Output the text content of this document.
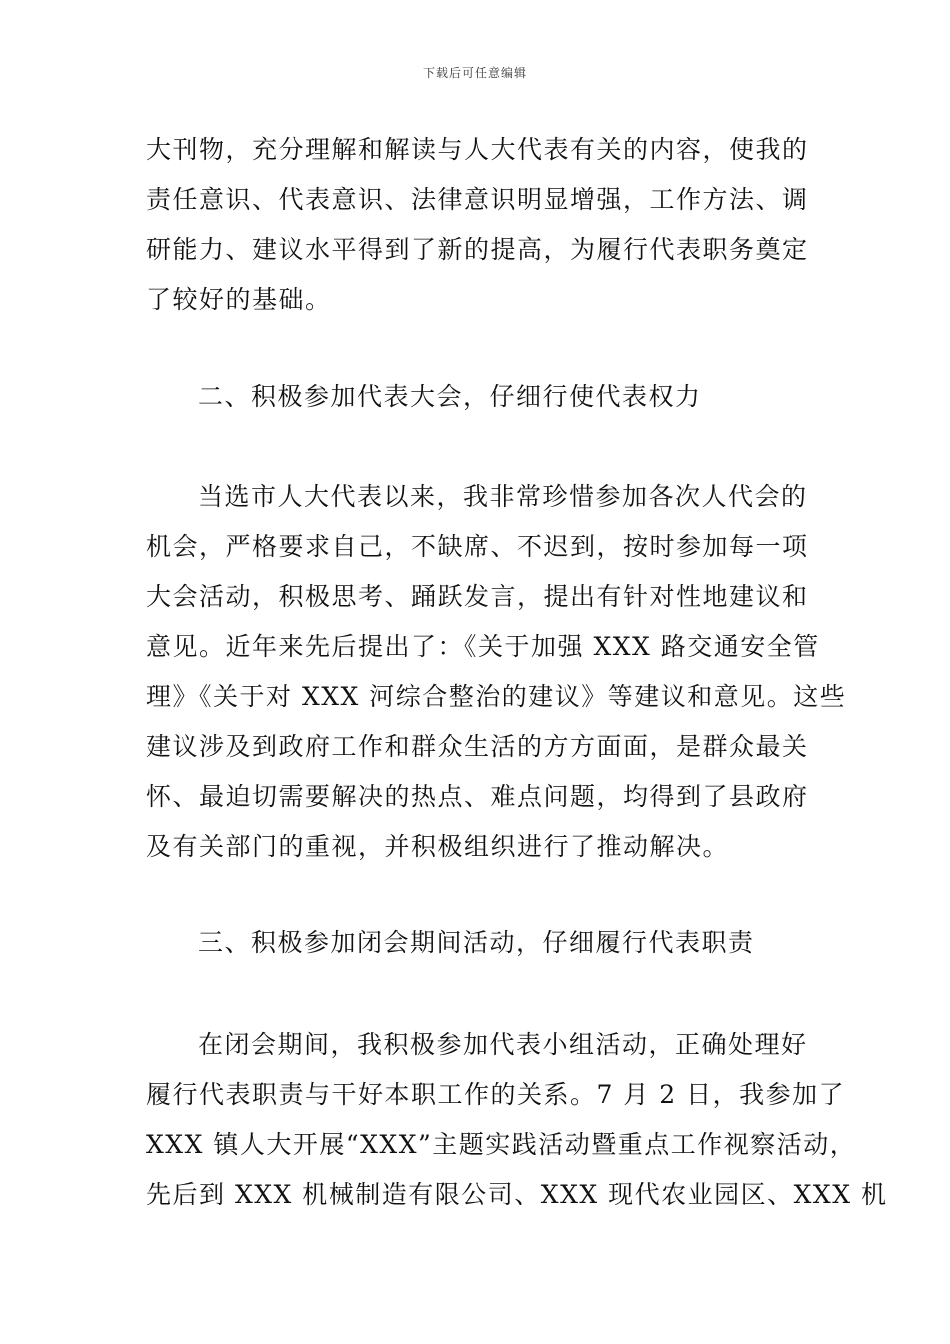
下载后可任意编辑
大刊物，充分理解和解读与人大代表有关的内容，使我的
责任意识、代表意识、法律意识明显增强，工作方法、调
研能力、建议水平得到了新的提高，为履行代表职务奠定
了较好的基础。
二、积极参加代表大会，仔细行使代表权力
当选市人大代表以来，我非常珍惜参加各次人代会的
机会，严格要求自己，不缺席、不迟到，按时参加每一项
大会活动，积极思考、踊跃发言，提出有针对性地建议和
意见。近年来先后提出了：《关于加强 XXX 路交通安全管
理》《关于对 XXX 河综合整治的建议》等建议和意见。这些
建议涉及到政府工作和群众生活的方方面面，是群众最关
怀、最迫切需要解决的热点、难点问题，均得到了县政府
及有关部门的重视，并积极组织进行了推动解决。
三、积极参加闭会期间活动，仔细履行代表职责
在闭会期间，我积极参加代表小组活动，正确处理好
履行代表职责与干好本职工作的关系。7 月 2 日，我参加了
XXX 镇人大开展“XXX”主题实践活动暨重点工作视察活动，
先后到 XXX 机械制造有限公司、XXX 现代农业园区、XXX 机
